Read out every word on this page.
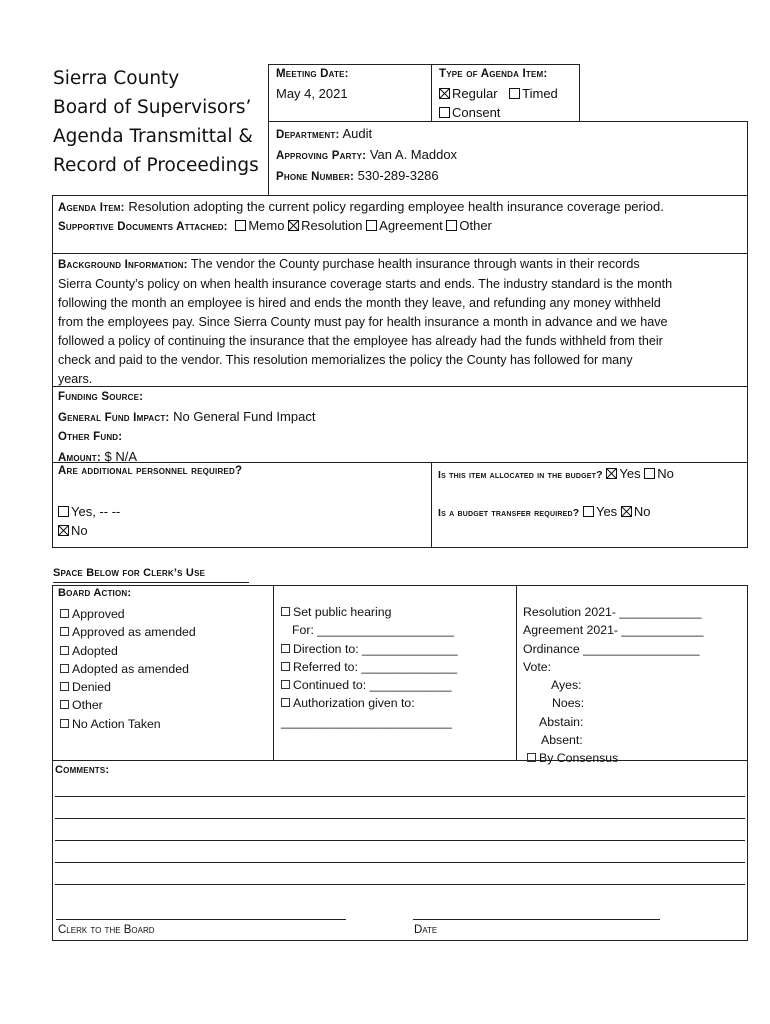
Sierra County
Board of Supervisors’
Agenda Transmittal &
Record of Proceedings
Meeting Date:
May 4, 2021
Type of Agenda Item:
Regular Timed
Consent
Department: Audit
Approving Party: Van A. Maddox
Phone Number: 530-289-3286
Agenda Item: Resolution adopting the current policy regarding employee health insurance coverage period.
Supportive Documents Attached: Memo Resolution Agreement Other
Background Information: The vendor the County purchase health insurance through wants in their records
Sierra County’s policy on when health insurance coverage starts and ends. The industry standard is the month
following the month an employee is hired and ends the month they leave, and refunding any money withheld
from the employees pay. Since Sierra County must pay for health insurance a month in advance and we have
followed a policy of continuing the insurance that the employee has already had the funds withheld from their
check and paid to the vendor. This resolution memorializes the policy the County has followed for many
years.
Funding Source:
General Fund Impact: No General Fund Impact
Other Fund:
Amount: $ N/A
Are additional personnel required?
Yes, -- --
No
Is this item allocated in the budget? Yes No
Is a budget transfer required? Yes No
Space Below for Clerk’s Use
Board Action:
Approved
Approved as amended
Adopted
Adopted as amended
Denied
Other
No Action Taken
Set public hearing
For: ____________________
Direction to: ______________
Referred to: ______________
Continued to: ____________
Authorization given to:
_________________________
Resolution 2021- ____________
Agreement 2021- ____________
Ordinance _________________
Vote:
Ayes:
Noes:
Abstain:
Absent:
By Consensus
Comments:
Clerk to the Board	Date
